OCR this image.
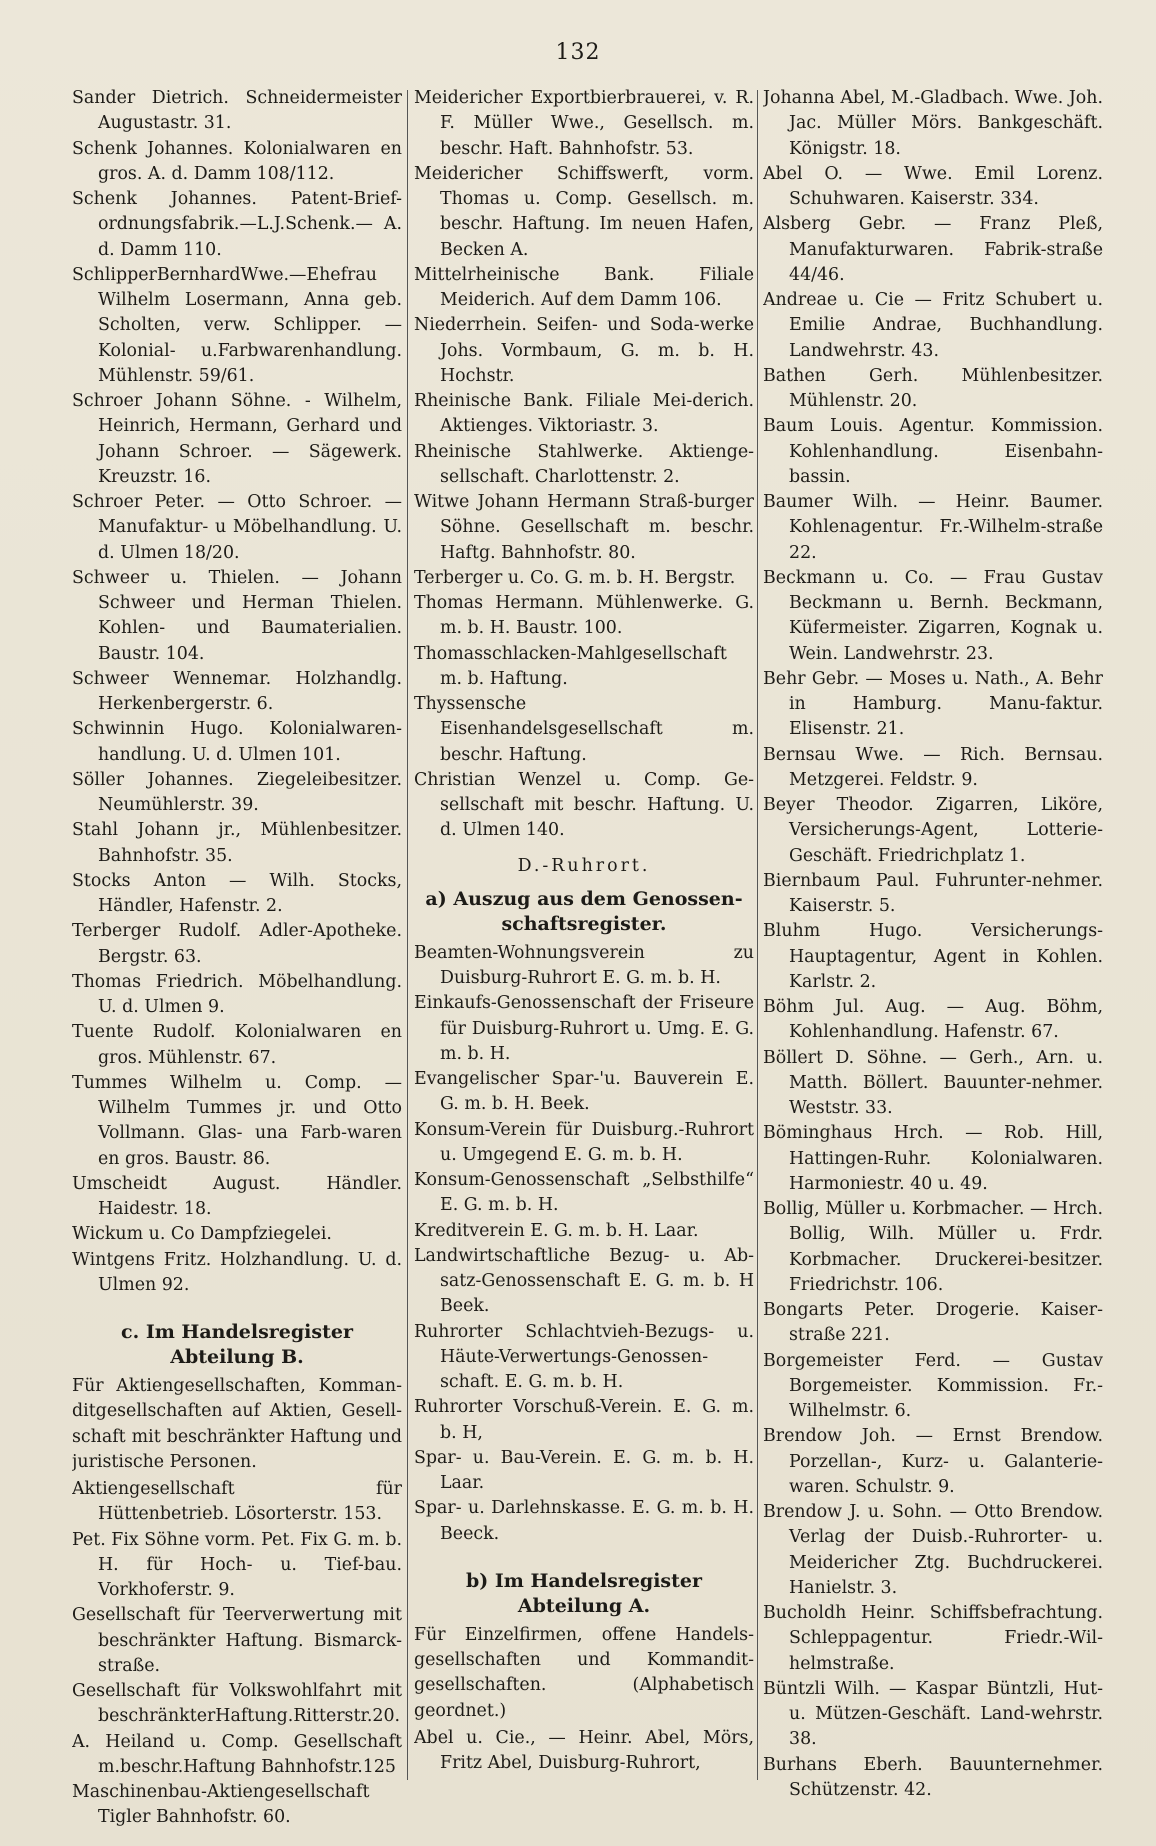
132
Sander Dietrich. Schneidermeister Augustastr. 31.
Schenk Johannes. Kolonialwaren en gros. A. d. Damm 108/112.
Schenk Johannes. Patent-Brief-ordnungsfabrik.—L.J.Schenk.— A. d. Damm 110.
SchlipperBernhardWwe.—Ehefrau Wilhelm Losermann, Anna geb. Scholten, verw. Schlipper. — Kolonial- u.Farbwarenhandlung. Mühlenstr. 59/61.
Schroer Johann Söhne. - Wilhelm, Heinrich, Hermann, Gerhard und Johann Schroer. — Sägewerk. Kreuzstr. 16.
Schroer Peter. — Otto Schroer. — Manufaktur- u Möbelhandlung. U. d. Ulmen 18/20.
Schweer u. Thielen. — Johann Schweer und Herman Thielen. Kohlen- und Baumaterialien. Baustr. 104.
Schweer Wennemar. Holzhandlg. Herkenbergerstr. 6.
Schwinnin Hugo. Kolonialwaren-handlung. U. d. Ulmen 101.
Söller Johannes. Ziegeleibesitzer. Neumühlerstr. 39.
Stahl Johann jr., Mühlenbesitzer. Bahnhofstr. 35.
Stocks Anton — Wilh. Stocks, Händler, Hafenstr. 2.
Terberger Rudolf. Adler-Apotheke. Bergstr. 63.
Thomas Friedrich. Möbelhandlung. U. d. Ulmen 9.
Tuente Rudolf. Kolonialwaren en gros. Mühlenstr. 67.
Tummes Wilhelm u. Comp. — Wilhelm Tummes jr. und Otto Vollmann. Glas- una Farb-waren en gros. Baustr. 86.
Umscheidt August. Händler. Haidestr. 18.
Wickum u. Co Dampfziegelei.
Wintgens Fritz. Holzhandlung. U. d. Ulmen 92.
c. Im Handelsregister Abteilung B.
Für Aktiengesellschaften, Komman-ditgesellschaften auf Aktien, Gesell-schaft mit beschränkter Haftung und juristische Personen.
Aktiengesellschaft für Hüttenbetrieb. Lösorterstr. 153.
Pet. Fix Söhne vorm. Pet. Fix G. m. b. H. für Hoch- u. Tief-bau. Vorkhoferstr. 9.
Gesellschaft für Teerverwertung mit beschränkter Haftung. Bismarck-straße.
Gesellschaft für Volkswohlfahrt mit beschränkterHaftung.Ritterstr.20.
A. Heiland u. Comp. Gesellschaft m.beschr.Haftung Bahnhofstr.125
Maschinenbau-Aktiengesellschaft Tigler Bahnhofstr. 60.
Meidericher Exportbierbrauerei, v. R. F. Müller Wwe., Gesellsch. m. beschr. Haft. Bahnhofstr. 53.
Meidericher Schiffswerft, vorm. Thomas u. Comp. Gesellsch. m. beschr. Haftung. Im neuen Hafen, Becken A.
Mittelrheinische Bank. Filiale Meiderich. Auf dem Damm 106.
Niederrhein. Seifen- und Soda-werke Johs. Vormbaum, G. m. b. H. Hochstr.
Rheinische Bank. Filiale Mei-derich. Aktienges. Viktoriastr. 3.
Rheinische Stahlwerke. Aktienge-sellschaft. Charlottenstr. 2.
Witwe Johann Hermann Straß-burger Söhne. Gesellschaft m. beschr. Haftg. Bahnhofstr. 80.
Terberger u. Co. G. m. b. H. Bergstr.
Thomas Hermann. Mühlenwerke. G. m. b. H. Baustr. 100.
Thomasschlacken-Mahlgesellschaft m. b. Haftung.
Thyssensche Eisenhandelsgesellschaft m. beschr. Haftung.
Christian Wenzel u. Comp. Ge-sellschaft mit beschr. Haftung. U. d. Ulmen 140.
D.-Ruhrort.
a) Auszug aus dem Genossen-schaftsregister.
Beamten-Wohnungsverein zu Duisburg-Ruhrort E. G. m. b. H.
Einkaufs-Genossenschaft der Friseure für Duisburg-Ruhrort u. Umg. E. G. m. b. H.
Evangelischer Spar-'u. Bauverein E. G. m. b. H. Beek.
Konsum-Verein für Duisburg.-Ruhrort u. Umgegend E. G. m. b. H.
Konsum-Genossenschaft „Selbsthilfe“ E. G. m. b. H.
Kreditverein E. G. m. b. H. Laar.
Landwirtschaftliche Bezug- u. Ab-satz-Genossenschaft E. G. m. b. H Beek.
Ruhrorter Schlachtvieh-Bezugs- u. Häute-Verwertungs-Genossen-schaft. E. G. m. b. H.
Ruhrorter Vorschuß-Verein. E. G. m. b. H,
Spar- u. Bau-Verein. E. G. m. b. H. Laar.
Spar- u. Darlehnskasse. E. G. m. b. H. Beeck.
b) Im Handelsregister Abteilung A.
Für Einzelfirmen, offene Handels-gesellschaften und Kommandit-gesellschaften. (Alphabetisch geordnet.)
Abel u. Cie., — Heinr. Abel, Mörs, Fritz Abel, Duisburg-Ruhrort,
Johanna Abel, M.-Gladbach. Wwe. Joh. Jac. Müller Mörs. Bankgeschäft. Königstr. 18.
Abel O. — Wwe. Emil Lorenz. Schuhwaren. Kaiserstr. 334.
Alsberg Gebr. — Franz Pleß, Manufakturwaren. Fabrik-straße 44/46.
Andreae u. Cie — Fritz Schubert u. Emilie Andrae, Buchhandlung. Landwehrstr. 43.
Bathen Gerh. Mühlenbesitzer. Mühlenstr. 20.
Baum Louis. Agentur. Kommission. Kohlenhandlung. Eisenbahn-bassin.
Baumer Wilh. — Heinr. Baumer. Kohlenagentur. Fr.-Wilhelm-straße 22.
Beckmann u. Co. — Frau Gustav Beckmann u. Bernh. Beckmann, Küfermeister. Zigarren, Kognak u. Wein. Landwehrstr. 23.
Behr Gebr. — Moses u. Nath., A. Behr in Hamburg. Manu-faktur. Elisenstr. 21.
Bernsau Wwe. — Rich. Bernsau. Metzgerei. Feldstr. 9.
Beyer Theodor. Zigarren, Liköre, Versicherungs-Agent, Lotterie-Geschäft. Friedrichplatz 1.
Biernbaum Paul. Fuhrunter-nehmer. Kaiserstr. 5.
Bluhm Hugo. Versicherungs-Hauptagentur, Agent in Kohlen. Karlstr. 2.
Böhm Jul. Aug. — Aug. Böhm, Kohlenhandlung. Hafenstr. 67.
Böllert D. Söhne. — Gerh., Arn. u. Matth. Böllert. Bauunter-nehmer. Weststr. 33.
Böminghaus Hrch. — Rob. Hill, Hattingen-Ruhr. Kolonialwaren. Harmoniestr. 40 u. 49.
Bollig, Müller u. Korbmacher. — Hrch. Bollig, Wilh. Müller u. Frdr. Korbmacher. Druckerei-besitzer. Friedrichstr. 106.
Bongarts Peter. Drogerie. Kaiser-straße 221.
Borgemeister Ferd. — Gustav Borgemeister. Kommission. Fr.-Wilhelmstr. 6.
Brendow Joh. — Ernst Brendow. Porzellan-, Kurz- u. Galanterie-waren. Schulstr. 9.
Brendow J. u. Sohn. — Otto Brendow. Verlag der Duisb.-Ruhrorter- u. Meidericher Ztg. Buchdruckerei. Hanielstr. 3.
Bucholdh Heinr. Schiffsbefrachtung. Schleppagentur. Friedr.-Wil-helmstraße.
Büntzli Wilh. — Kaspar Büntzli, Hut- u. Mützen-Geschäft. Land-wehrstr. 38.
Burhans Eberh. Bauunternehmer. Schützenstr. 42.
